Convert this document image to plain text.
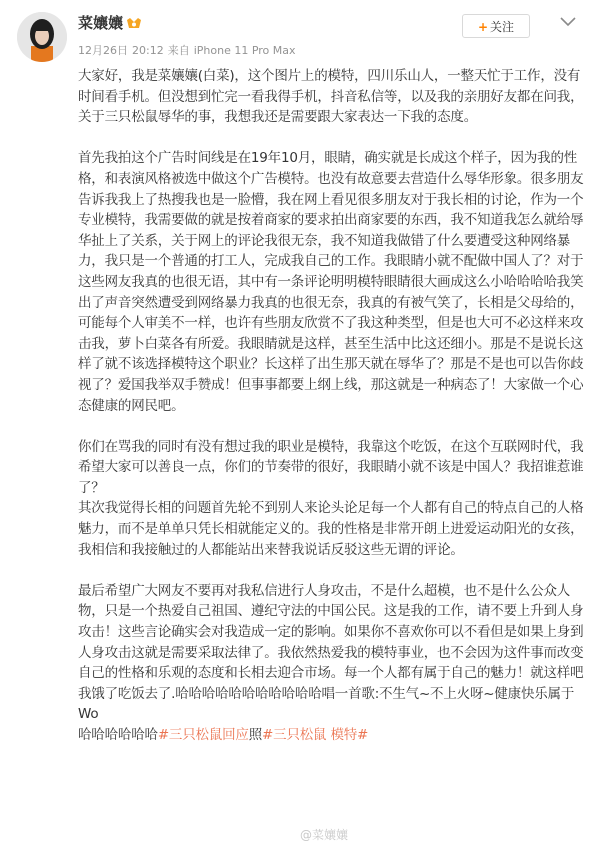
菜孃孃
12月26日 20:12 来自 iPhone 11 Pro Max
+ 关注

大家好，我是菜孃孃(白菜)，这个图片上的模特，四川乐山人，一整天忙于工作，没有时间看手机。但没想到忙完一看我得手机，抖音私信等，以及我的亲朋好友都在问我，关于三只松鼠辱华的事，我想我还是需要跟大家表达一下我的态度。

首先我拍这个广告时间线是在19年10月，眼睛，确实就是长成这个样子，因为我的性格，和表演风格被选中做这个广告模特。也没有故意要去营造什么辱华形象。很多朋友告诉我我上了热搜我也是一脸懵，我在网上看见很多朋友对于我长相的讨论，作为一个专业模特，我需要做的就是按着商家的要求拍出商家要的东西，我不知道我怎么就给辱华扯上了关系，关于网上的评论我很无奈，我不知道我做错了什么要遭受这种网络暴力，我只是一个普通的打工人，完成我自己的工作。我眼睛小就不配做中国人了？对于这些网友我真的也很无语，其中有一条评论明明模特眼睛很大画成这么小哈哈哈哈我笑出了声音突然遭受到网络暴力我真的也很无奈，我真的有被气笑了，长相是父母给的，可能每个人审美不一样，也许有些朋友欣赏不了我这种类型，但是也大可不必这样来攻击我，萝卜白菜各有所爱。我眼睛就是这样，甚至生活中比这还细小。那是不是说长这样了就不该选择模特这个职业？长这样了出生那天就在辱华了？那是不是也可以告你歧视了？爱国我举双手赞成！但事事都要上纲上线，那这就是一种病态了！大家做一个心态健康的网民吧。

你们在骂我的同时有没有想过我的职业是模特，我靠这个吃饭，在这个互联网时代，我希望大家可以善良一点，你们的节奏带的很好，我眼睛小就不该是中国人？我招谁惹谁了？

其次我觉得长相的问题首先轮不到别人来论头论足每一个人都有自己的特点自己的人格魅力，而不是单单只凭长相就能定义的。我的性格是非常开朗上进爱运动阳光的女孩，我相信和我接触过的人都能站出来替我说话反驳这些无谓的评论。

最后希望广大网友不要再对我私信进行人身攻击，不是什么超模，也不是什么公众人物，只是一个热爱自己祖国、遵纪守法的中国公民。这是我的工作，请不要上升到人身攻击！这些言论确实会对我造成一定的影响。如果你不喜欢你可以不看但是如果上身到人身攻击这就是需要采取法律了。我依然热爱我的模特事业，也不会因为这件事而改变自己的性格和乐观的态度和长相去迎合市场。每一个人都有属于自己的魅力！就这样吧我饿了吃饭去了.哈哈哈哈哈哈哈哈哈哈哈唱一首歌:不生气~不上火呀~健康快乐属于Wo

哈哈哈哈哈哈#三只松鼠回应照#三只松鼠 模特#

@菜孃孃
